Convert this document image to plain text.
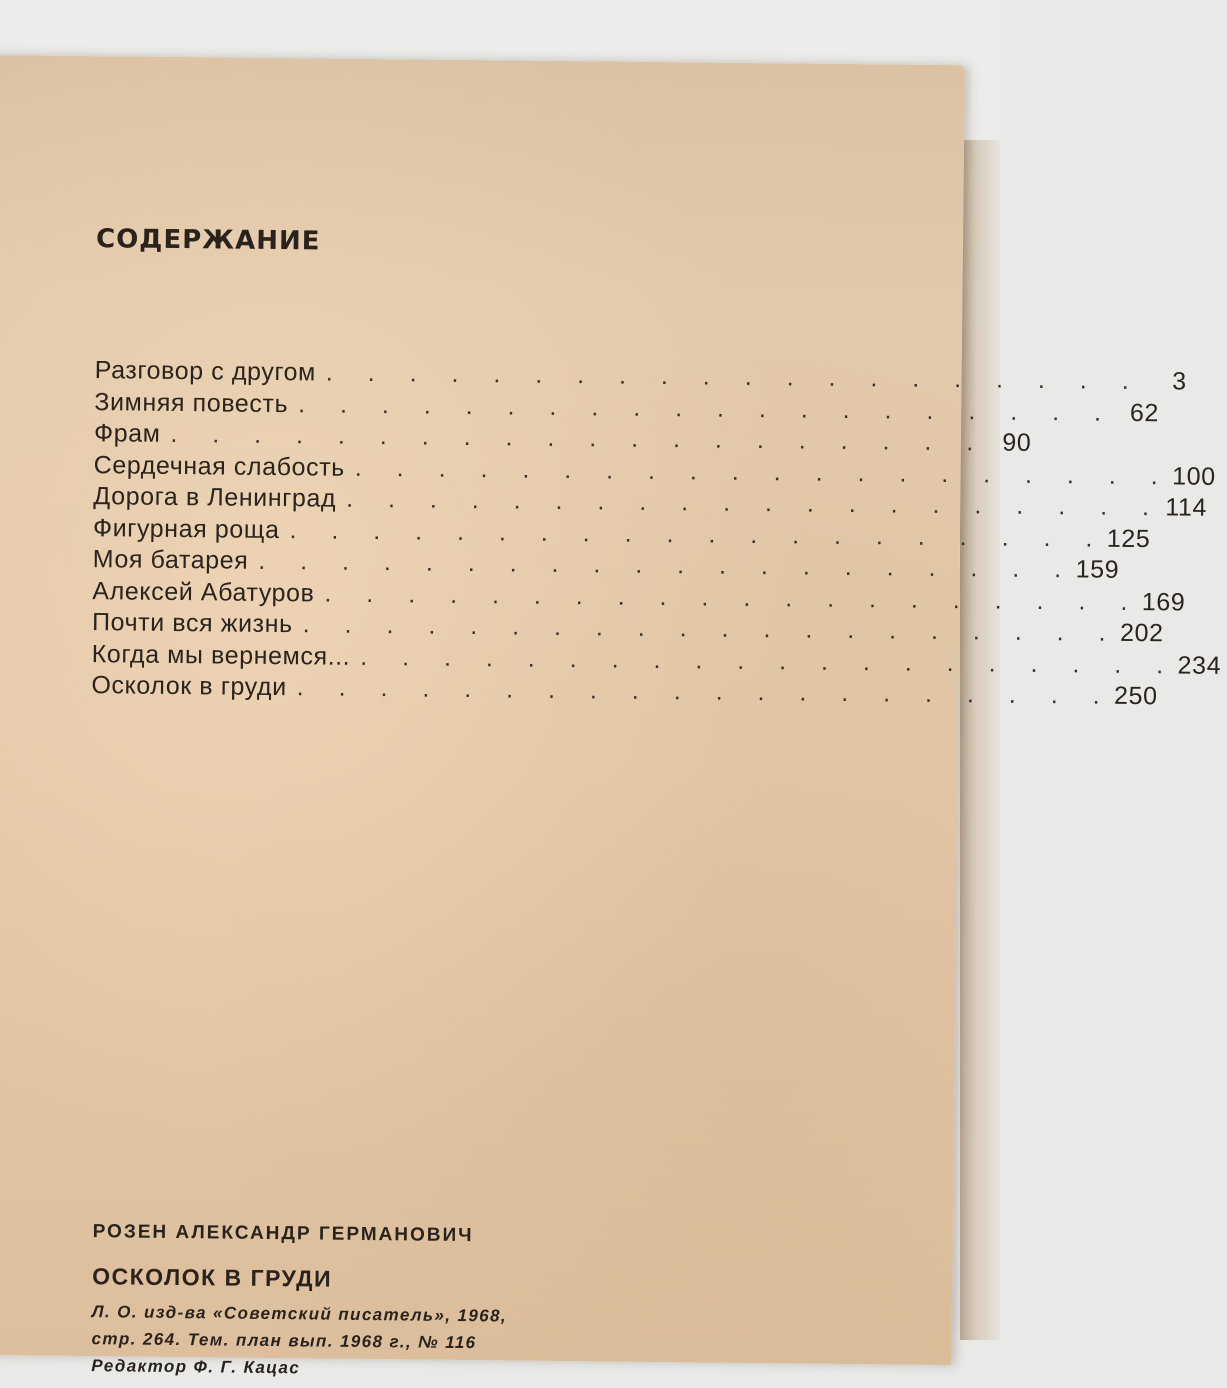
СОДЕРЖАНИЕ
Разговор с другом . . . . . . . . . . . . . . . . . . . .	3
Зимняя повесть . . . . . . . . . . . . . . . . . . . . 62
Фрам . . . . . . . . . . . . . . . . . . . . 90
Сердечная слабость . . . . . . . . . . . . . . . . . . . . 100
Дорога в Ленинград . . . . . . . . . . . . . . . . . . . . 114
Фигурная роща . . . . . . . . . . . . . . . . . . . . 125
Моя батарея . . . . . . . . . . . . . . . . . . . . 159
Алексей Абатуров . . . . . . . . . . . . . . . . . . . . 169
Почти вся жизнь . . . . . . . . . . . . . . . . . . . . 202
Когда мы вернемся... . . . . . . . . . . . . . . . . . . . . 234
Осколок в груди . . . . . . . . . . . . . . . . . . . . 250
РОЗЕН АЛЕКСАНДР ГЕРМАНОВИЧ
ОСКОЛОК В ГРУДИ
Л. О. изд-ва «Советский писатель», 1968,
стр. 264. Тем. план вып. 1968 г., № 116
Редактор Ф. Г. Кацас
